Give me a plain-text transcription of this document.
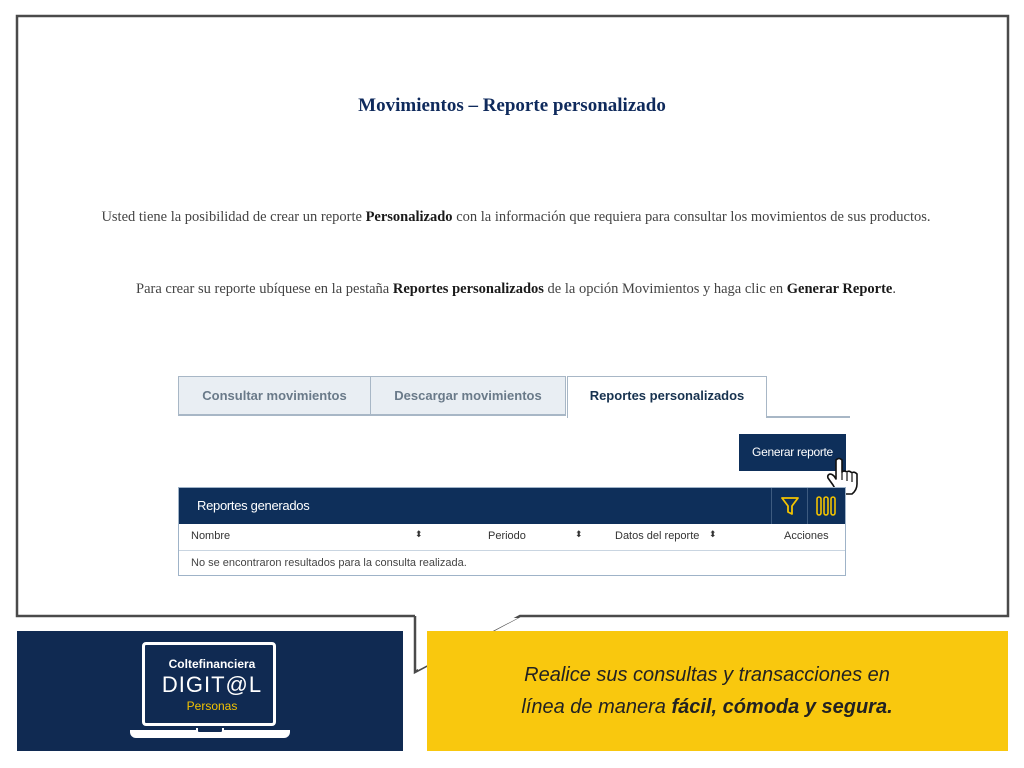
Movimientos – Reporte personalizado
Usted tiene la posibilidad de crear un reporte Personalizado con la información que requiera para consultar los movimientos de sus productos.
Para crear su reporte ubíquese en la pestaña Reportes personalizados de la opción Movimientos y haga clic en Generar Reporte.
Consultar movimientos	Descargar movimientos	Reportes personalizados
Generar reporte
Reportes generados
Nombre	⬍	Periodo	⬍	Datos del reporte ⬍	Acciones
No se encontraron resultados para la consulta realizada.
Coltefinanciera
DIGIT@L
Personas
Realice sus consultas y transacciones en
línea de manera fácil, cómoda y segura.
